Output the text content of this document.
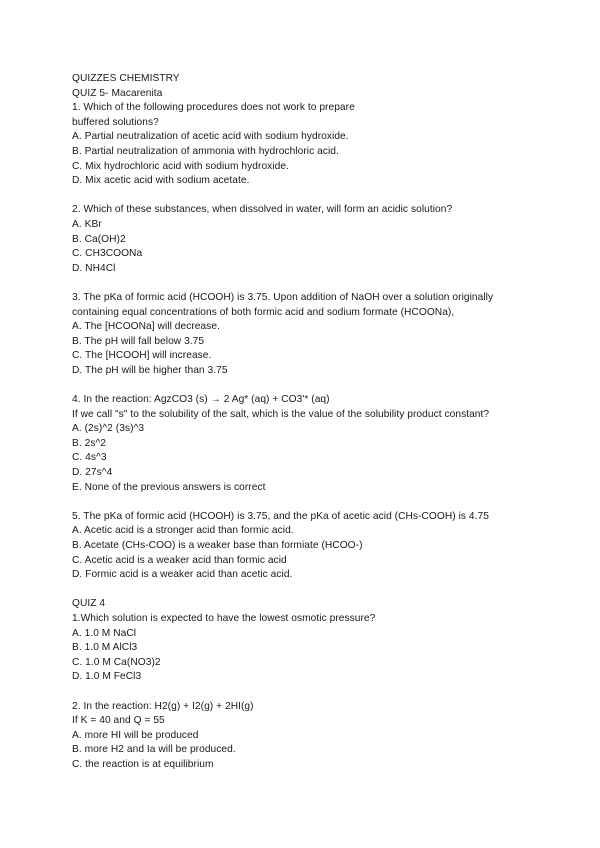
QUIZZES CHEMISTRY
QUIZ 5- Macarenita
1. Which of the following procedures does not work to prepare
buffered solutions?
A. Partial neutralization of acetic acid with sodium hydroxide.
B. Partial neutralization of ammonia with hydrochloric acid.
C. Mix hydrochloric acid with sodium hydroxide.
D. Mix acetic acid with sodium acetate.
2. Which of these substances, when dissolved in water, will form an acidic solution?
A. KBr
B. Ca(OH)2
C. CH3COONa
D. NH4Cl
3. The pKa of formic acid (HCOOH) is 3.75. Upon addition of NaOH over a solution originally
containing equal concentrations of both formic acid and sodium formate (HCOONa),
A. The [HCOONa] will decrease.
B. The pH will fall below 3.75
C. The [HCOOH] will increase.
D. The pH will be higher than 3.75
4. In the reaction: AgzCO3 (s) → 2 Ag* (aq) + CO3'* (aq)
If we call "s" to the solubility of the salt, which is the value of the solubility product constant?
A. (2s)^2 (3s)^3
B. 2s^2
C. 4s^3
D. 27s^4
E. None of the previous answers is correct
5. The pKa of formic acid (HCOOH) is 3.75, and the pKa of acetic acid (CHs-COOH) is 4.75
A. Acetic acid is a stronger acid than formic acid.
B. Acetate (CHs-COO) is a weaker base than formiate (HCOO-)
C. Acetic acid is a weaker acid than formic acid
D. Formic acid is a weaker acid than acetic acid.
QUIZ 4
1.Which solution is expected to have the lowest osmotic pressure?
A. 1.0 M NaCl
B. 1.0 M AlCl3
C. 1.0 M Ca(NO3)2
D. 1.0 M FeCl3
2. In the reaction: H2(g) + I2(g) + 2HI(g)
If K = 40 and Q = 55
A. more HI will be produced
B. more H2 and Ia will be produced.
C. the reaction is at equilibrium
